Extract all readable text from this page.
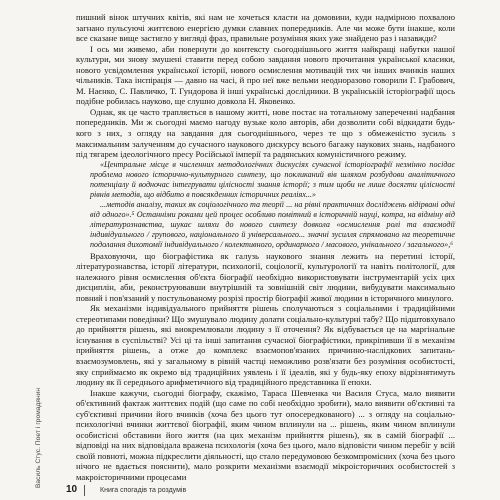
Василь Стус. Поет і громадянин

пишний вінок штучних квітів, які нам не хочеться класти на домовини, куди надмірною похвалою загнано пульсуючі життєвою енергією думки славних попередників. Але чи може бути інакше, коли все сказане вище застигло у вигляді фраз, правильне розуміння яких уже знайдено раз і назавжди?

І ось ми живемо, аби повернути до контексту сьогоднішнього життя найкращі набутки нашої культури, ми знову змушені ставити перед собою завдання нового прочитання української класики, нового усвідомлення української історії, нового осмислення мотивацій тих чи інших вчинків наших чільників. Така інспірація — давно на часі, й про неї вже вельми неодноразово говорили Г. Грабович, М. Наєнко, С. Павличко, Т. Гундорова й інші українські дослідники. В українській історіографії щось подібне робилась науково, ще слушно довкола Н. Яковенко.

Однак, як це часто трапляється в нашому житті, нове постає на тотальному запереченні надбання попередників. Ми ж сьогодні маємо нагоду вузьке коло авторів, аби дозволити собі відкидати будь-кого з них, з огляду на завдання для сьогоднішнього, через те що з обмеженістю зусиль з максимальним залученням до сучасного наукового дискурсу всього багажу наукових знань, надбаного під тягарем ідеологічного пресу Російської імперії та радянських комуністичного режиму.

«Центральне місце в численних методологічних дискусіях сучасної історіографії незмінно посідає проблема нового історично-культурного синтезу, що покликаний вів шляхом розбудови аналітичного потенціалу й водночас інтегрувати цілісності знання історії; з тим щоби не лише досягти цілісності рівнів методів, що відбито в повсякденних історичних реаліях...»

...методів аналізу, таких як соціологічного та теорії ... на рівні практичних досліджень відірвані одні від одного».⁵ Останніми роками цей процес особливо помітний в історичній науці, котра, на відміну від літературознавства, шукає шляхи до нового синтезу довкола «осмислення ролі та взаємодії індивідуального / групового, національного й універсального... значні зусилля спрямовано на теоретичне подолання дихотомії індивідуального / колективного, ординарного / масового, унікального / загального»,⁶

Враховуючи, що біографістика як галузь наукового знання лежить на перетині історії, літературознавства, історії літератури, психології, соціології, культурології та навіть політології, для належного рівня осмислення об'єкта біографії необхідно використовувати інструментарій усіх цих дисциплін, аби, реконструювавши внутрішній та зовнішній світ людини, вибудувати максимально повний і пов'язаний у постульованому розрізі простір біографії живої людини в історичного минулого.

Як механізми індивідуального прийняття рішень сполучаються з соціальними і традиційними стереотипами поведінки? Що змушувало людину долати соціально-культурні табу? Що підштовхувало до прийняття рішень, які виокремлювали людину з її оточення? Як відбувається це на маргінальне існування в суспільстві? Усі ці та інші запитання сучасної біографістики, прикріпивши її в механізм прийняття рішень, а отже до комплекс взаємопов'язаних причинно-наслідкових запитань-взаємозумовлень, які у загальному в рівній частці неможливо розв'язати без розуміння особистості, яку сприймаємо як окремо від традиційних уявлень і її ідеалів, які у будь-яку епоху відрізнятимуть людину як її середнього арифметичного від традиційного представника її епохи.

Інакше кажучи, сьогодні біографу, скажімо, Тараса Шевченка чи Василя Стуса, мало виявити об'єктивний фактаж життєвих подій (що саме по собі необхідно зробити), мало виявити об'єктивні та суб'єктивні причини його вчинків (хоча без цього тут опосередкованого) ... з огляду на соціально-психологічні вчинки життєвої біографії, яким чином вплинули на ... рішень, яким чином вплинули особистісні обставини його життя (на цих механізм прийняття рішень), як в самій біографії ... відповіді на них відповідала вражена психологія (хоча без цього, мало відповісти чином перебіг у всій своїй повноті, можна підкреслити діяльності, що стало передумовою безкомпромісних (хоча без цього нічого не вдається пояснити), мало розкрити механізми взаємодії мікроісторичних особистостей з макроісторичними процесами

10	Книга спогадів та роздумів
